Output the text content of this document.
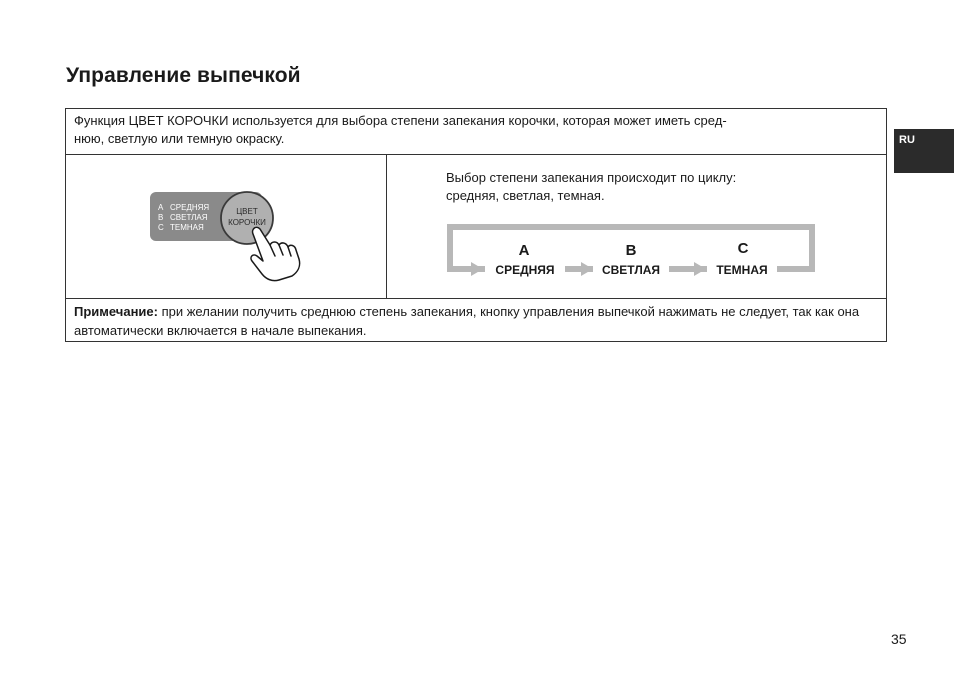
Управление выпечкой
RU
Функция ЦВЕТ КОРОЧКИ используется для выбора степени запекания корочки, которая может иметь сред-
нюю, светлую или темную окраску.
A СРЕДНЯЯ
B СВЕТЛАЯ
C ТЕМНАЯ
ЦВЕТ
КОРОЧКИ
Выбор степени запекания происходит по циклу:
средняя, светлая, темная.
A	B	C
СРЕДНЯЯ	СВЕТЛАЯ	ТЕМНАЯ
Примечание: при желании получить среднюю степень запекания, кнопку управления выпечкой нажимать не следует, так как она автоматически включается в начале выпекания.
35
